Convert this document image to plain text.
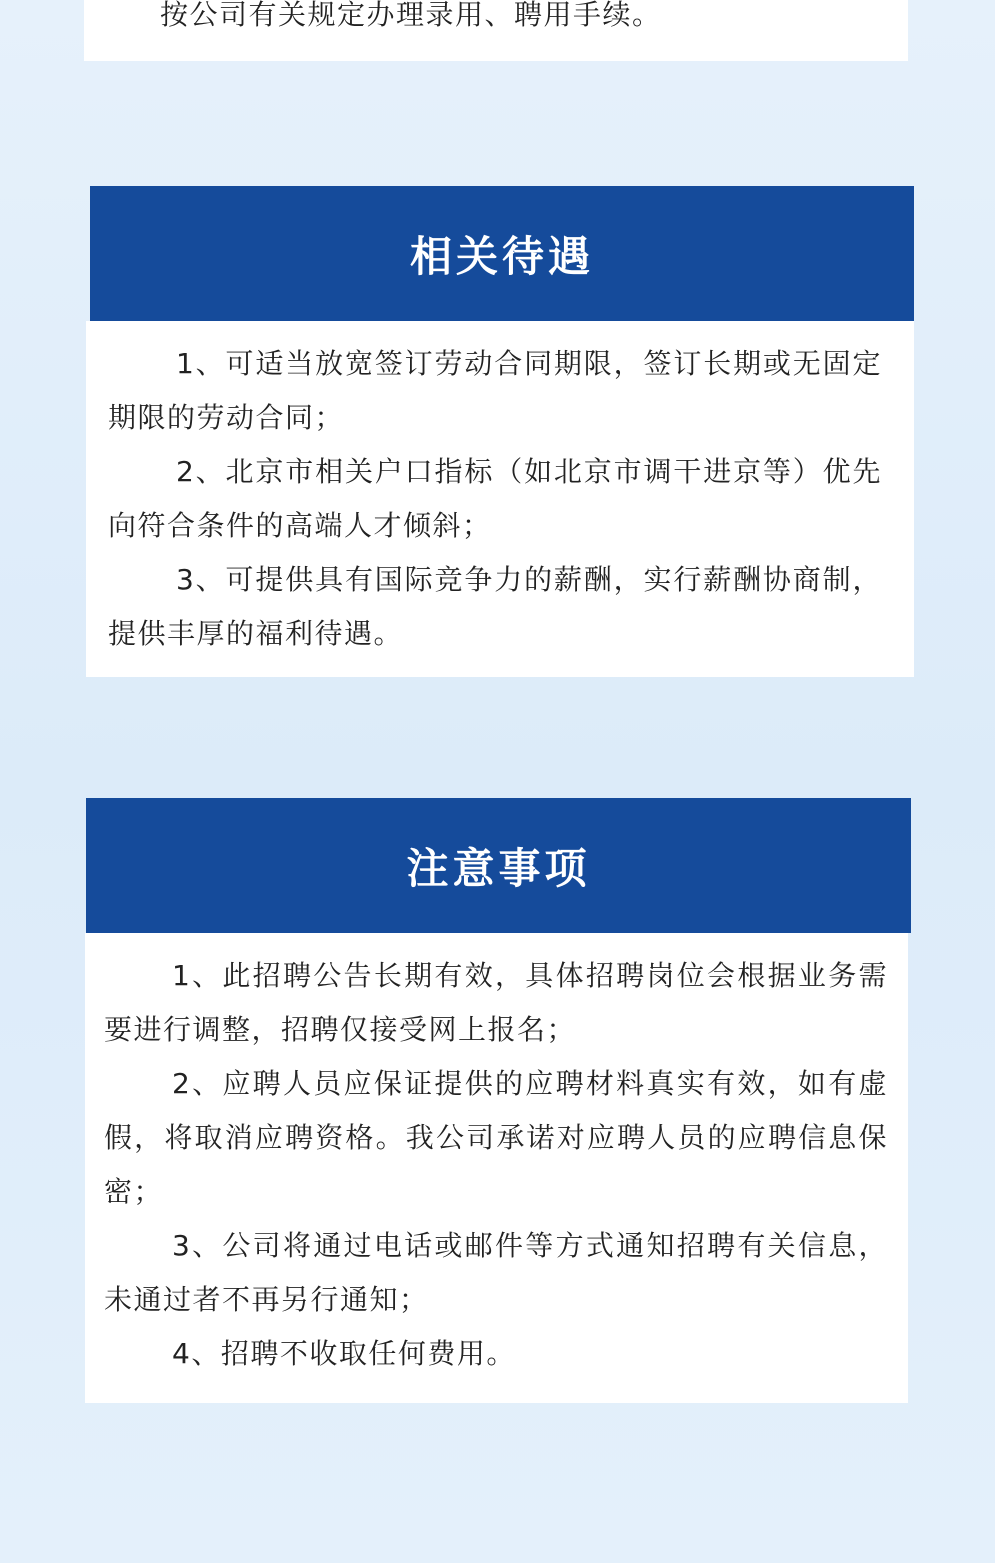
按公司有关规定办理录用、聘用手续。

相关待遇

1、可适当放宽签订劳动合同期限，签订长期或无固定期限的劳动合同；

2、北京市相关户口指标（如北京市调干进京等）优先向符合条件的高端人才倾斜；

3、可提供具有国际竞争力的薪酬，实行薪酬协商制，提供丰厚的福利待遇。

注意事项

1、此招聘公告长期有效，具体招聘岗位会根据业务需要进行调整，招聘仅接受网上报名；

2、应聘人员应保证提供的应聘材料真实有效，如有虚假，将取消应聘资格。我公司承诺对应聘人员的应聘信息保密；

3、公司将通过电话或邮件等方式通知招聘有关信息，未通过者不再另行通知；

4、招聘不收取任何费用。
